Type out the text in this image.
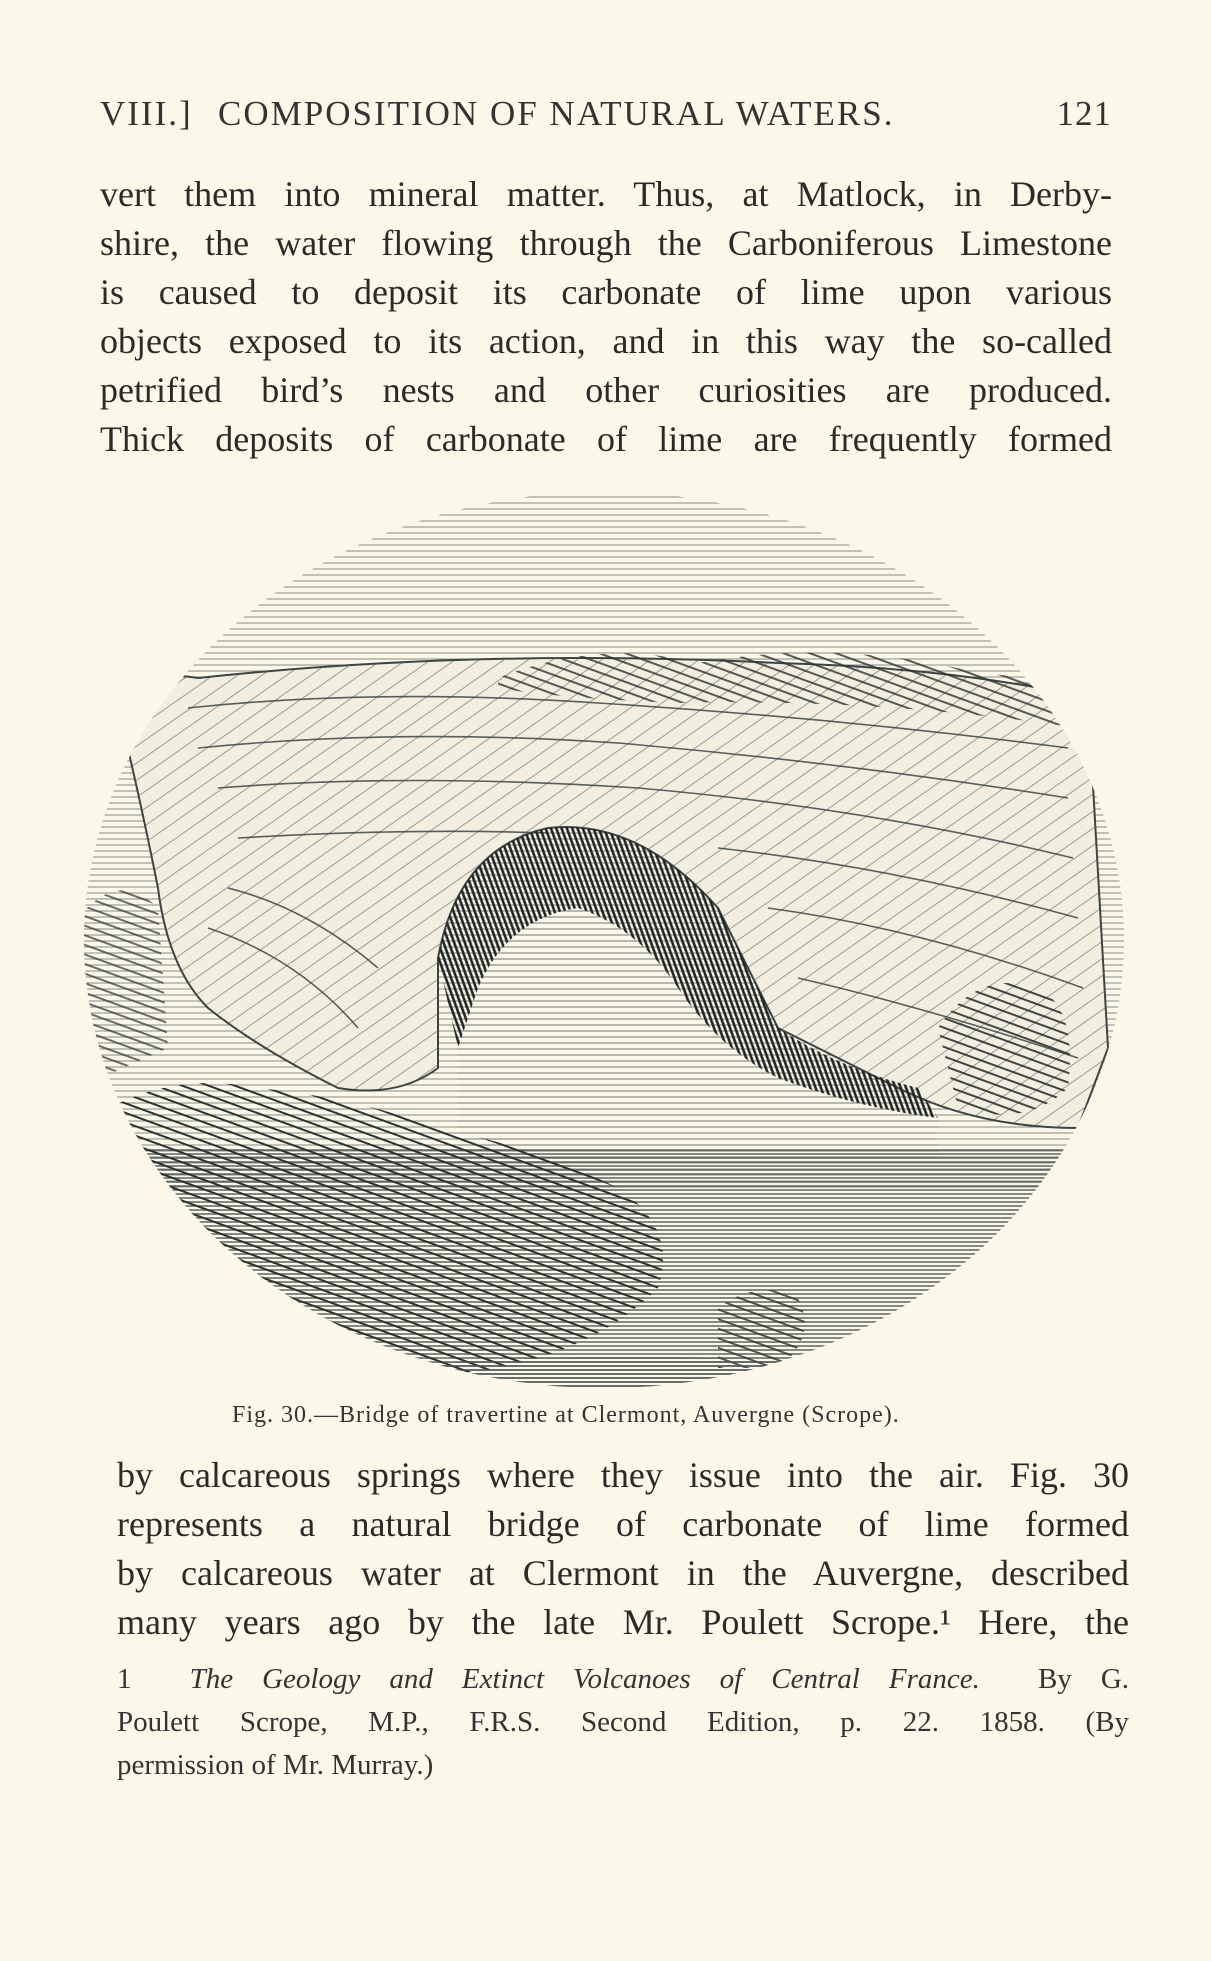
VIII.] COMPOSITION OF NATURAL WATERS.	121
vert them into mineral matter. Thus, at Matlock, in Derby-
shire, the water flowing through the Carboniferous Limestone
is caused to deposit its carbonate of lime upon various
objects exposed to its action, and in this way the so-called
petrified bird’s nests and other curiosities are produced.
Thick deposits of carbonate of lime are frequently formed
Fig. 30.—Bridge of travertine at Clermont, Auvergne (Scrope).
by calcareous springs where they issue into the air. Fig. 30
represents a natural bridge of carbonate of lime formed
by calcareous water at Clermont in the Auvergne, described
many years ago by the late Mr. Poulett Scrope.¹ Here, the
1 The Geology and Extinct Volcanoes of Central France. By G.
Poulett Scrope, M.P., F.R.S. Second Edition, p. 22. 1858. (By
permission of Mr. Murray.)
